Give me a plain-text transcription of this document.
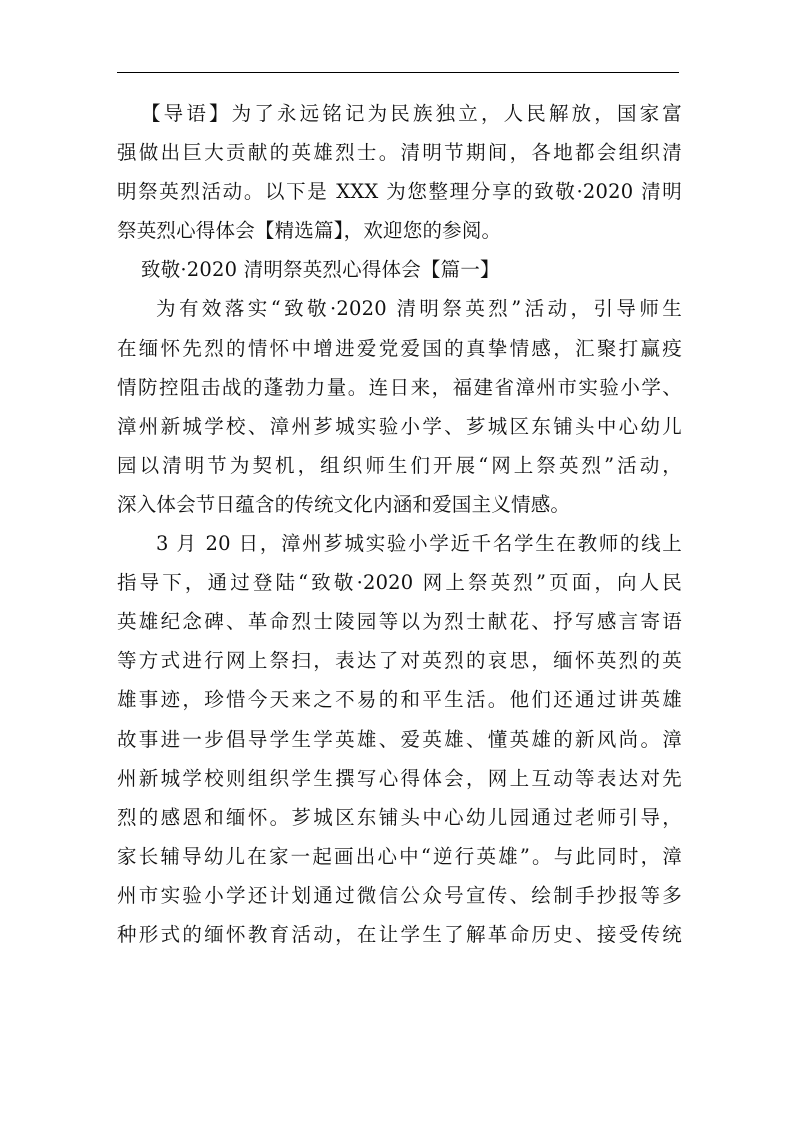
【导语】为了永远铭记为民族独立，人民解放，国家富
强做出巨大贡献的英雄烈士。清明节期间，各地都会组织清
明祭英烈活动。以下是 XXX 为您整理分享的致敬·2020 清明
祭英烈心得体会【精选篇】，欢迎您的参阅。
致敬·2020 清明祭英烈心得体会【篇一】
为有效落实“致敬·2020 清明祭英烈”活动，引导师生
在缅怀先烈的情怀中增进爱党爱国的真挚情感，汇聚打赢疫
情防控阻击战的蓬勃力量。连日来，福建省漳州市实验小学、
漳州新城学校、漳州芗城实验小学、芗城区东铺头中心幼儿
园以清明节为契机，组织师生们开展“网上祭英烈”活动，
深入体会节日蕴含的传统文化内涵和爱国主义情感。
3 月 20 日，漳州芗城实验小学近千名学生在教师的线上
指导下，通过登陆“致敬·2020 网上祭英烈”页面，向人民
英雄纪念碑、革命烈士陵园等以为烈士献花、抒写感言寄语
等方式进行网上祭扫，表达了对英烈的哀思，缅怀英烈的英
雄事迹，珍惜今天来之不易的和平生活。他们还通过讲英雄
故事进一步倡导学生学英雄、爱英雄、懂英雄的新风尚。漳
州新城学校则组织学生撰写心得体会，网上互动等表达对先
烈的感恩和缅怀。芗城区东铺头中心幼儿园通过老师引导，
家长辅导幼儿在家一起画出心中“逆行英雄”。与此同时，漳
州市实验小学还计划通过微信公众号宣传、绘制手抄报等多
种形式的缅怀教育活动，在让学生了解革命历史、接受传统
